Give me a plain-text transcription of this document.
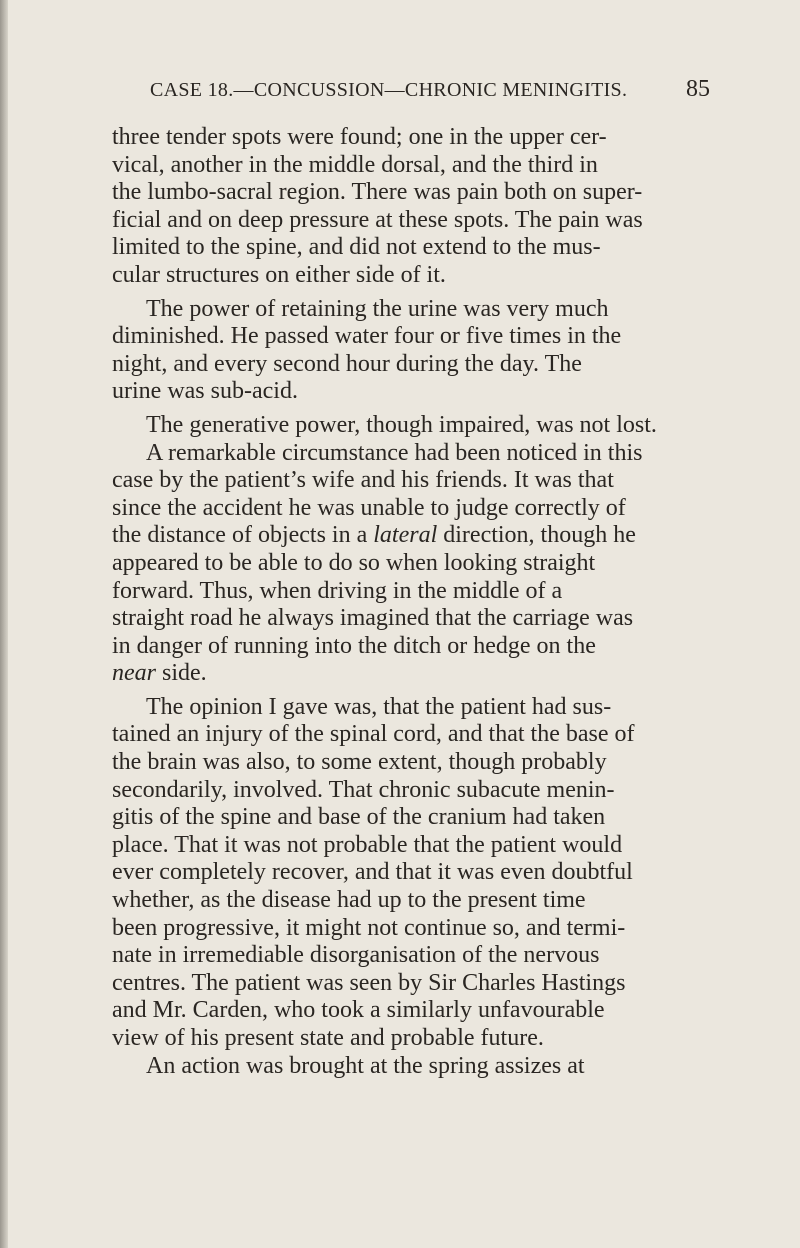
CASE 18.—CONCUSSION—CHRONIC MENINGITIS. 85

three tender spots were found; one in the upper cer-
vical, another in the middle dorsal, and the third in
the lumbo-sacral region. There was pain both on super-
ficial and on deep pressure at these spots. The pain was
limited to the spine, and did not extend to the mus-
cular structures on either side of it.

The power of retaining the urine was very much
diminished. He passed water four or five times in the
night, and every second hour during the day. The
urine was sub-acid.

The generative power, though impaired, was not lost.
A remarkable circumstance had been noticed in this
case by the patient’s wife and his friends. It was that
since the accident he was unable to judge correctly of
the distance of objects in a lateral direction, though he
appeared to be able to do so when looking straight
forward. Thus, when driving in the middle of a
straight road he always imagined that the carriage was
in danger of running into the ditch or hedge on the
near side.

The opinion I gave was, that the patient had sus-
tained an injury of the spinal cord, and that the base of
the brain was also, to some extent, though probably
secondarily, involved. That chronic subacute menin-
gitis of the spine and base of the cranium had taken
place. That it was not probable that the patient would
ever completely recover, and that it was even doubtful
whether, as the disease had up to the present time
been progressive, it might not continue so, and termi-
nate in irremediable disorganisation of the nervous
centres. The patient was seen by Sir Charles Hastings
and Mr. Carden, who took a similarly unfavourable
view of his present state and probable future.

An action was brought at the spring assizes at
